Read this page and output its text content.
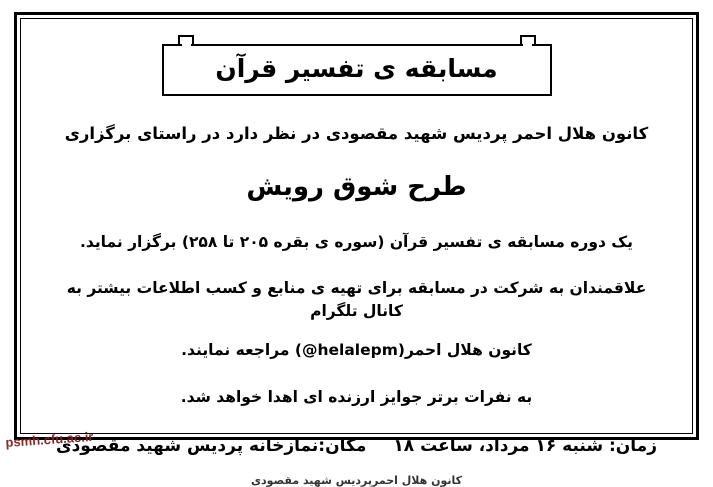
مسابقه ی تفسیر قرآن
کانون هلال احمر پردیس شهید مقصودی در نظر دارد در راستای برگزاری
طرح شوق رویش
یک دوره مسابقه ی تفسیر قرآن (سوره ی بقره ۲۰۵ تا ۲۵۸) برگزار نماید.
علاقمندان به شرکت در مسابقه برای تهیه ی منابع و کسب اطلاعات بیشتر به کانال تلگرام
کانون هلال احمر(@helalepm) مراجعه نمایند.
به نفرات برتر جوایز ارزنده ای اهدا خواهد شد.
زمان: شنبه ۱۶ مرداد، ساعت ۱۸
مکان:نمازخانه پردیس شهید مقصودی
کانون هلال احمرپردیس شهید مقصودی
psmh.cfu.ac.ir
